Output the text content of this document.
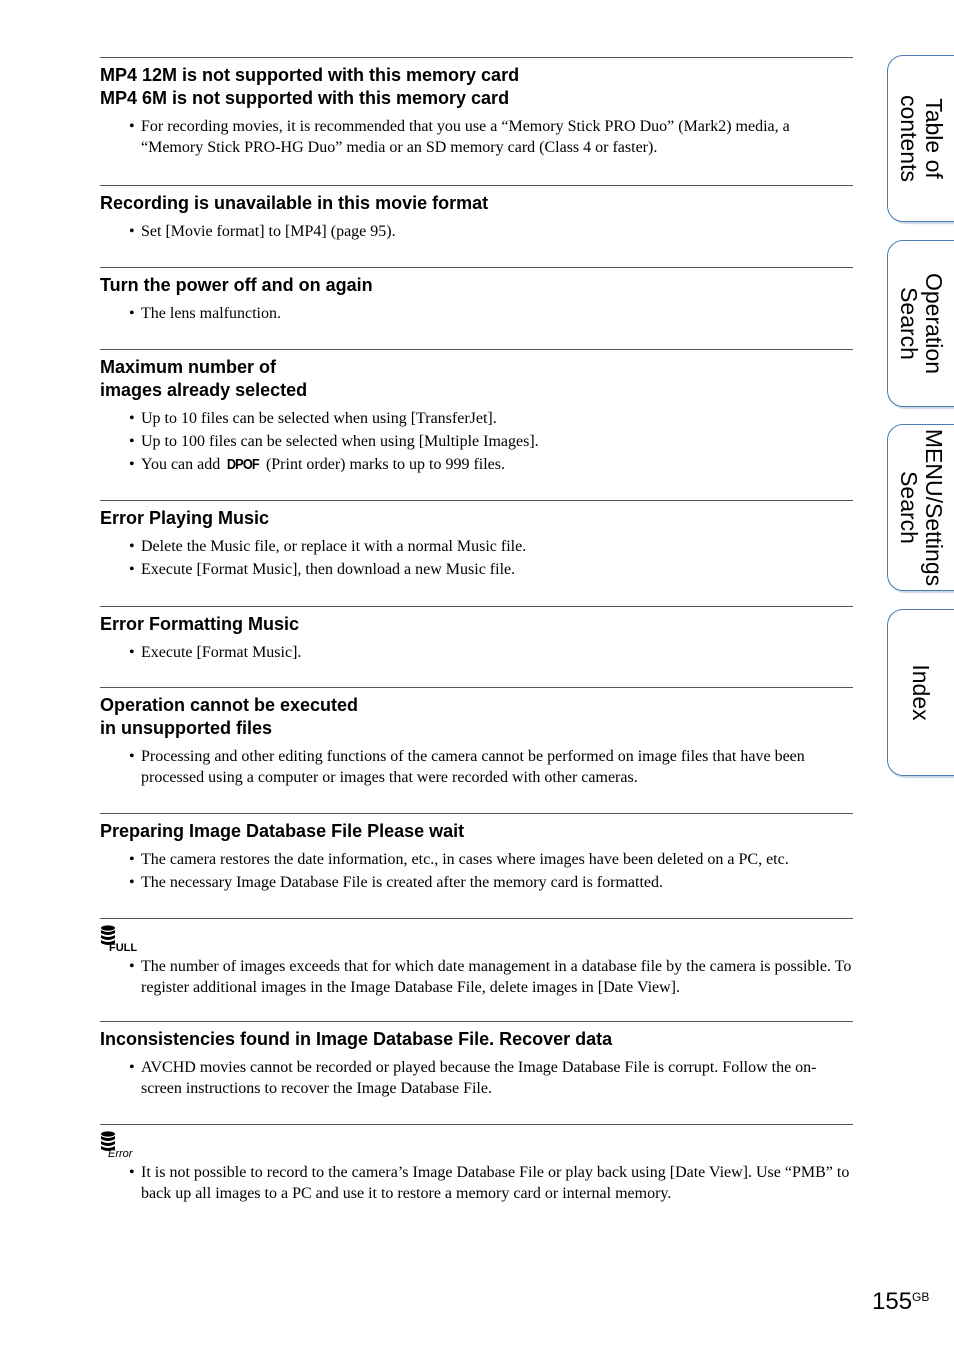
MP4 12M is not supported with this memory card
MP4 6M is not supported with this memory card

• For recording movies, it is recommended that you use a “Memory Stick PRO Duo” (Mark2) media, a “Memory Stick PRO-HG Duo” media or an SD memory card (Class 4 or faster).

Recording is unavailable in this movie format

• Set [Movie format] to [MP4] (page 95).

Turn the power off and on again

• The lens malfunction.

Maximum number of
images already selected

• Up to 10 files can be selected when using [TransferJet].
• Up to 100 files can be selected when using [Multiple Images].
• You can add DPOF (Print order) marks to up to 999 files.

Error Playing Music

• Delete the Music file, or replace it with a normal Music file.
• Execute [Format Music], then download a new Music file.

Error Formatting Music

• Execute [Format Music].

Operation cannot be executed
in unsupported files

• Processing and other editing functions of the camera cannot be performed on image files that have been processed using a computer or images that were recorded with other cameras.

Preparing Image Database File Please wait

• The camera restores the date information, etc., in cases where images have been deleted on a PC, etc.
• The necessary Image Database File is created after the memory card is formatted.
FULL
• The number of images exceeds that for which date management in a database file by the camera is possible. To register additional images in the Image Database File, delete images in [Date View].

Inconsistencies found in Image Database File. Recover data

• AVCHD movies cannot be recorded or played because the Image Database File is corrupt. Follow the on-screen instructions to recover the Image Database File.
Error
• It is not possible to record to the camera’s Image Database File or play back using [Date View]. Use “PMB” to back up all images to a PC and use it to restore a memory card or internal memory.
Table of
contents
Operation
Search
MENU/Settings
Search
Index
$155^{GB}$
